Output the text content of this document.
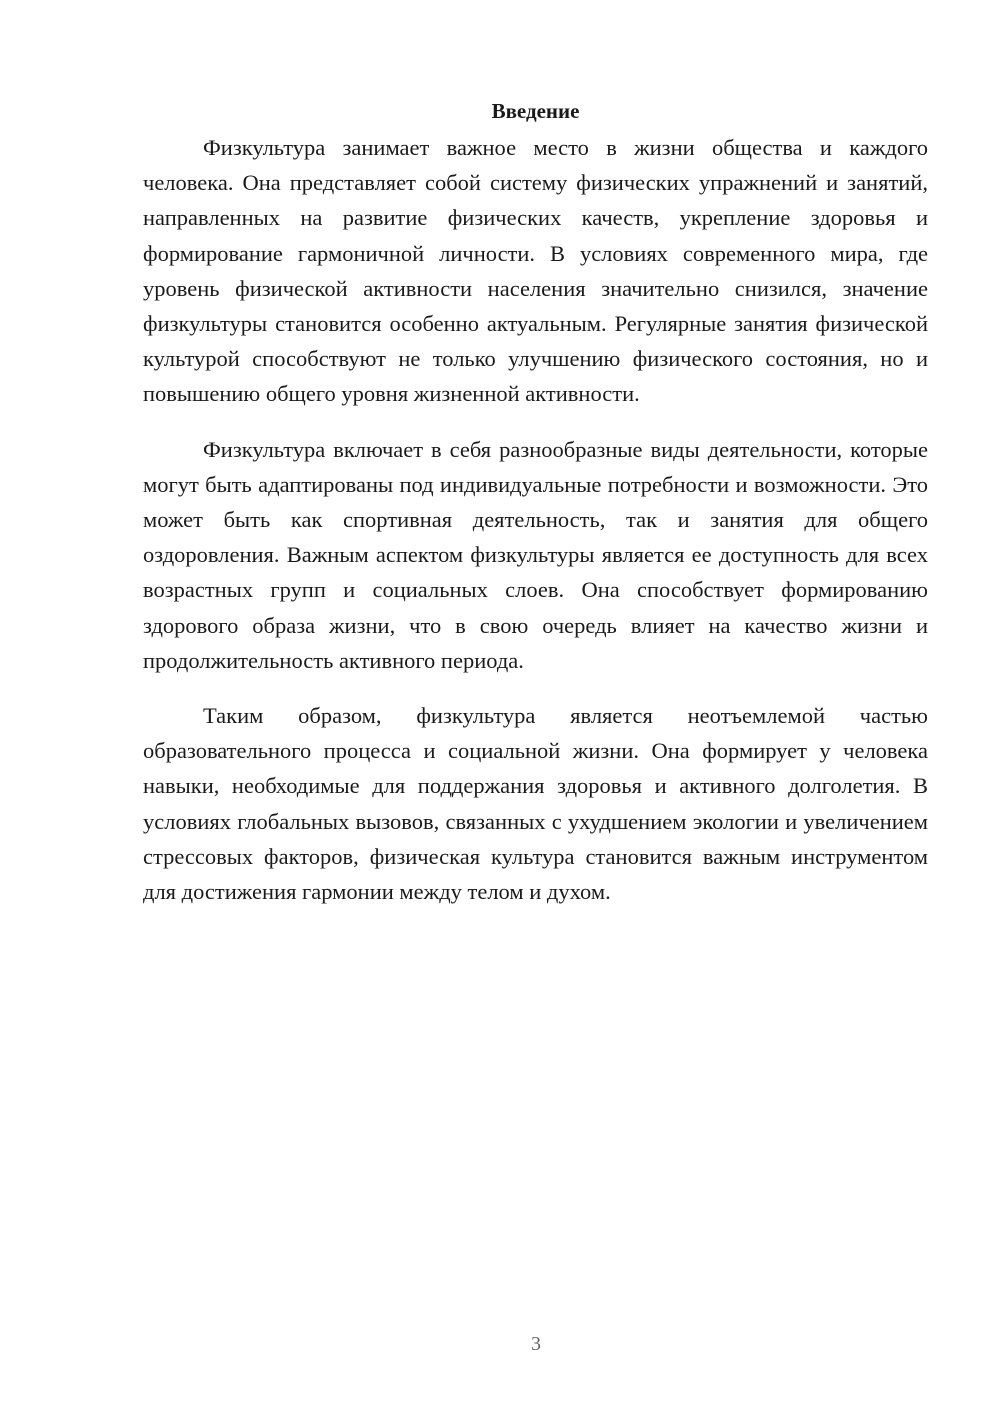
Введение

Физкультура занимает важное место в жизни общества и каждого человека. Она представляет собой систему физических упражнений и занятий, направленных на развитие физических качеств, укрепление здоровья и формирование гармоничной личности. В условиях современного мира, где уровень физической активности населения значительно снизился, значение физкультуры становится особенно актуальным. Регулярные занятия физической культурой способствуют не только улучшению физического состояния, но и повышению общего уровня жизненной активности.

Физкультура включает в себя разнообразные виды деятельности, которые могут быть адаптированы под индивидуальные потребности и возможности. Это может быть как спортивная деятельность, так и занятия для общего оздоровления. Важным аспектом физкультуры является ее доступность для всех возрастных групп и социальных слоев. Она способствует формированию здорового образа жизни, что в свою очередь влияет на качество жизни и продолжительность активного периода.

Таким образом, физкультура является неотъемлемой частью образовательного процесса и социальной жизни. Она формирует у человека навыки, необходимые для поддержания здоровья и активного долголетия. В условиях глобальных вызовов, связанных с ухудшением экологии и увеличением стрессовых факторов, физическая культура становится важным инструментом для достижения гармонии между телом и духом.

3
